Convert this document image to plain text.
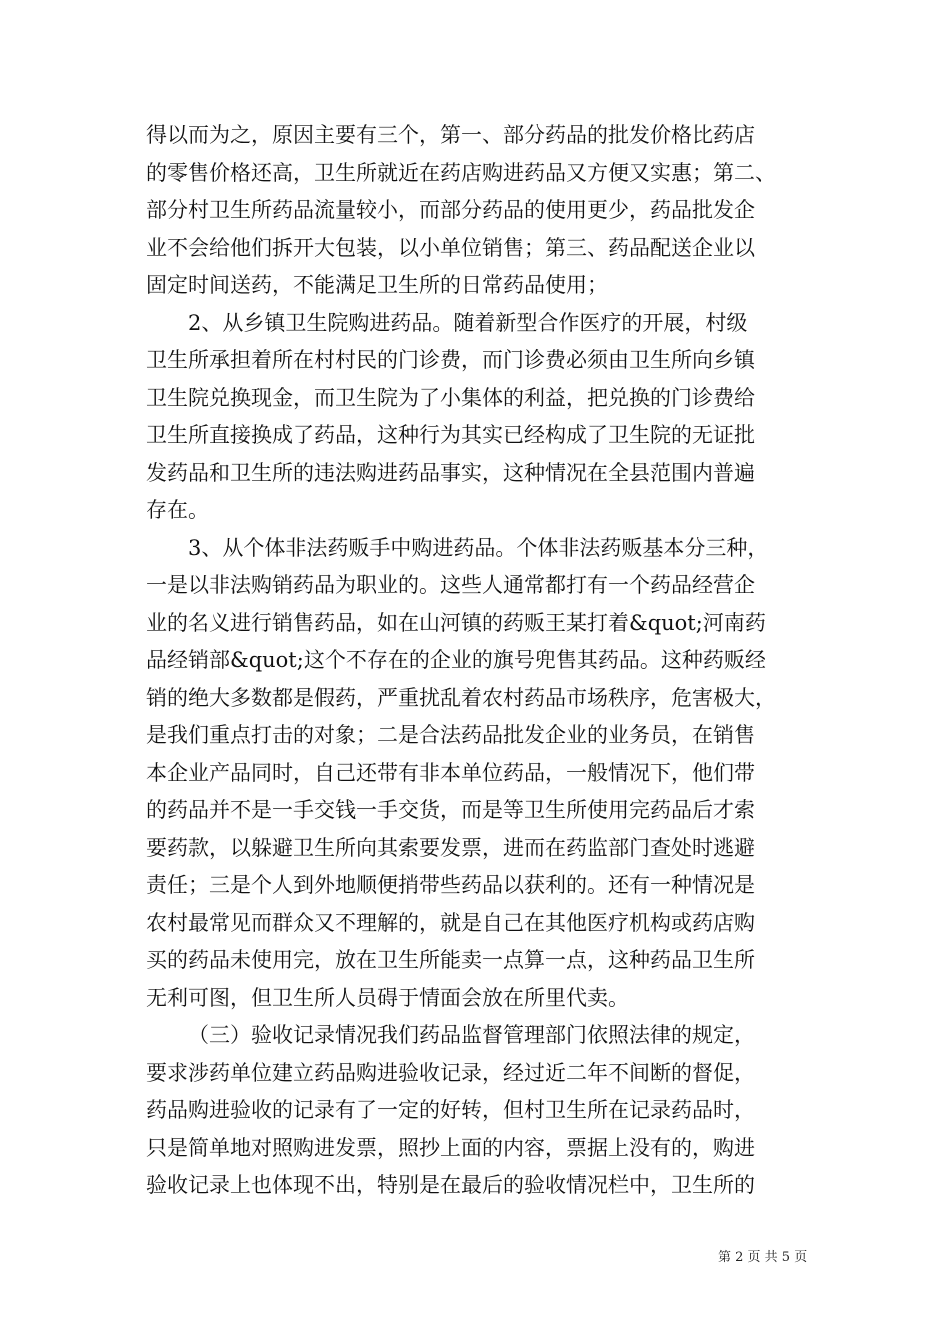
得以而为之，原因主要有三个，第一、部分药品的批发价格比药店
的零售价格还高，卫生所就近在药店购进药品又方便又实惠；第二、
部分村卫生所药品流量较小，而部分药品的使用更少，药品批发企
业不会给他们拆开大包装，以小单位销售；第三、药品配送企业以
固定时间送药，不能满足卫生所的日常药品使用；
2、从乡镇卫生院购进药品。随着新型合作医疗的开展，村级
卫生所承担着所在村村民的门诊费，而门诊费必须由卫生所向乡镇
卫生院兑换现金，而卫生院为了小集体的利益，把兑换的门诊费给
卫生所直接换成了药品，这种行为其实已经构成了卫生院的无证批
发药品和卫生所的违法购进药品事实，这种情况在全县范围内普遍
存在。
3、从个体非法药贩手中购进药品。个体非法药贩基本分三种，
一是以非法购销药品为职业的。这些人通常都打有一个药品经营企
业的名义进行销售药品，如在山河镇的药贩王某打着&quot;河南药
品经销部&quot;这个不存在的企业的旗号兜售其药品。这种药贩经
销的绝大多数都是假药，严重扰乱着农村药品市场秩序，危害极大，
是我们重点打击的对象；二是合法药品批发企业的业务员，在销售
本企业产品同时，自己还带有非本单位药品，一般情况下，他们带
的药品并不是一手交钱一手交货，而是等卫生所使用完药品后才索
要药款，以躲避卫生所向其索要发票，进而在药监部门查处时逃避
责任；三是个人到外地顺便捎带些药品以获利的。还有一种情况是
农村最常见而群众又不理解的，就是自己在其他医疗机构或药店购
买的药品未使用完，放在卫生所能卖一点算一点，这种药品卫生所
无利可图，但卫生所人员碍于情面会放在所里代卖。
（三）验收记录情况我们药品监督管理部门依照法律的规定，
要求涉药单位建立药品购进验收记录，经过近二年不间断的督促，
药品购进验收的记录有了一定的好转，但村卫生所在记录药品时，
只是简单地对照购进发票，照抄上面的内容，票据上没有的，购进
验收记录上也体现不出，特别是在最后的验收情况栏中，卫生所的
第 2 页 共 5 页
